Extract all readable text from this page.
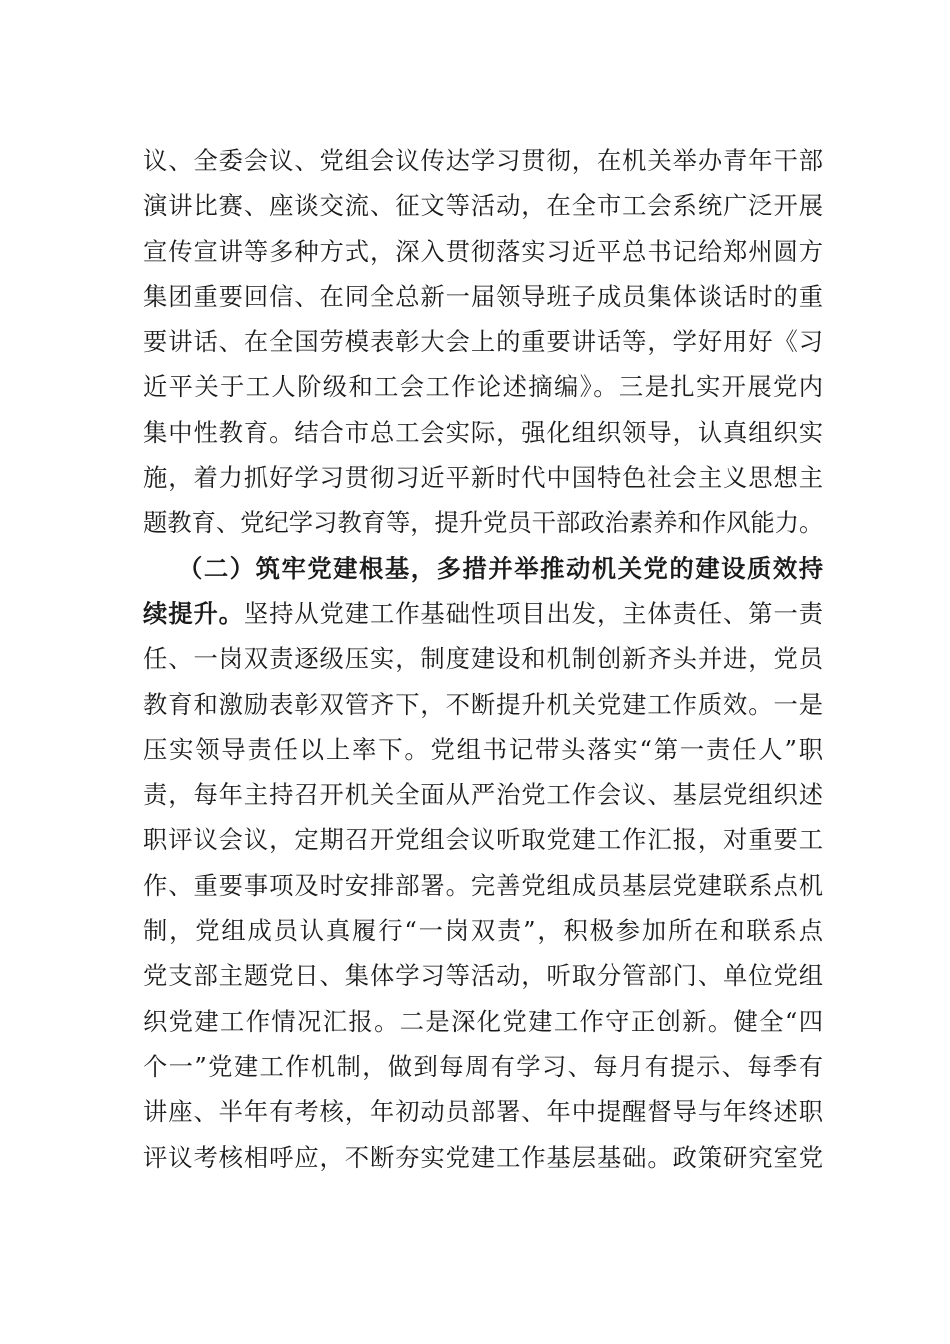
议、全委会议、党组会议传达学习贯彻，在机关举办青年干部
演讲比赛、座谈交流、征文等活动，在全市工会系统广泛开展
宣传宣讲等多种方式，深入贯彻落实习近平总书记给郑州圆方
集团重要回信、在同全总新一届领导班子成员集体谈话时的重
要讲话、在全国劳模表彰大会上的重要讲话等，学好用好《习
近平关于工人阶级和工会工作论述摘编》。三是扎实开展党内
集中性教育。结合市总工会实际，强化组织领导，认真组织实
施，着力抓好学习贯彻习近平新时代中国特色社会主义思想主
题教育、党纪学习教育等，提升党员干部政治素养和作风能力。
（二）筑牢党建根基，多措并举推动机关党的建设质效持
续提升。坚持从党建工作基础性项目出发，主体责任、第一责
任、一岗双责逐级压实，制度建设和机制创新齐头并进，党员
教育和激励表彰双管齐下，不断提升机关党建工作质效。一是
压实领导责任以上率下。党组书记带头落实“第一责任人”职
责，每年主持召开机关全面从严治党工作会议、基层党组织述
职评议会议，定期召开党组会议听取党建工作汇报，对重要工
作、重要事项及时安排部署。完善党组成员基层党建联系点机
制，党组成员认真履行“一岗双责”，积极参加所在和联系点
党支部主题党日、集体学习等活动，听取分管部门、单位党组
织党建工作情况汇报。二是深化党建工作守正创新。健全“四
个一”党建工作机制，做到每周有学习、每月有提示、每季有
讲座、半年有考核，年初动员部署、年中提醒督导与年终述职
评议考核相呼应，不断夯实党建工作基层基础。政策研究室党
